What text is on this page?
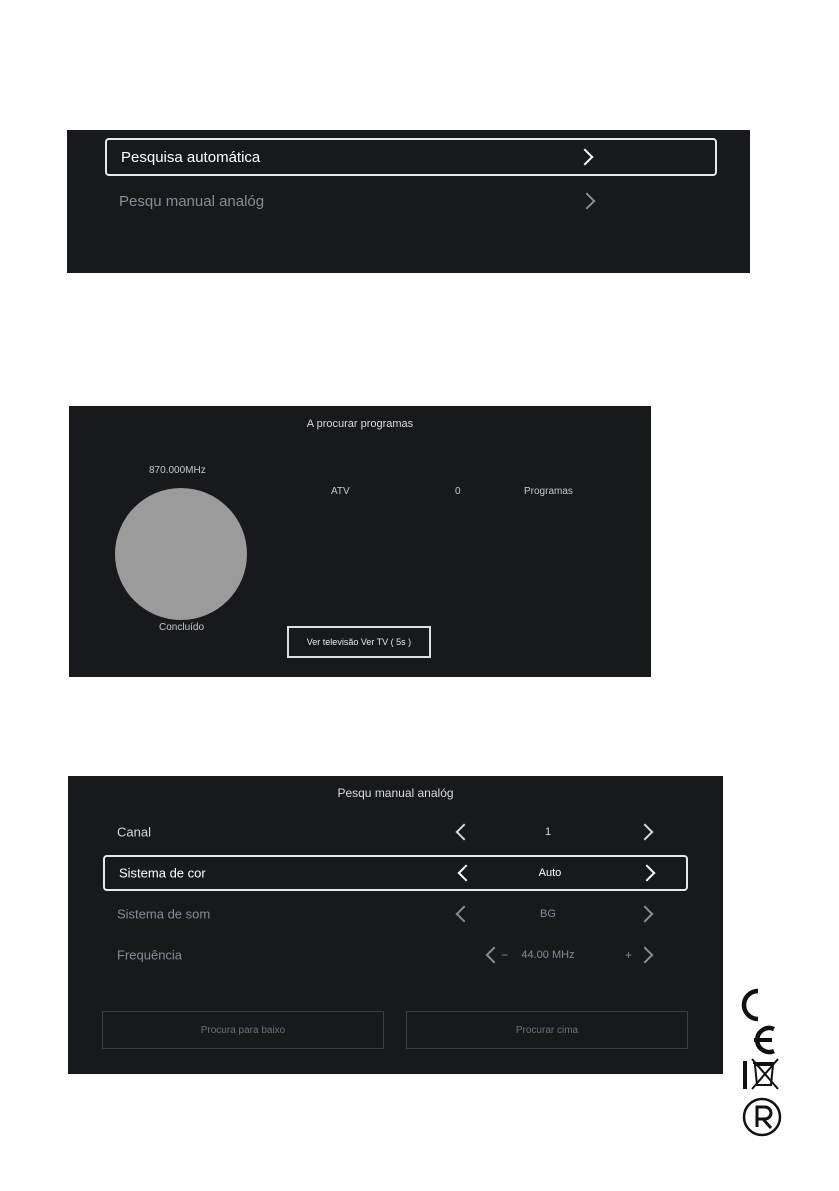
Pesquisa automática
Pesqu manual analóg
A procurar programas
870.000MHz
Concluído
ATV	0	Programas
Ver televisão Ver TV ( 5s )
Pesqu manual analóg
Canal	1
Sistema de cor	Auto
Sistema de som	BG
Frequência	−	44.00 MHz	+
Procura para baixo	Procurar cima
